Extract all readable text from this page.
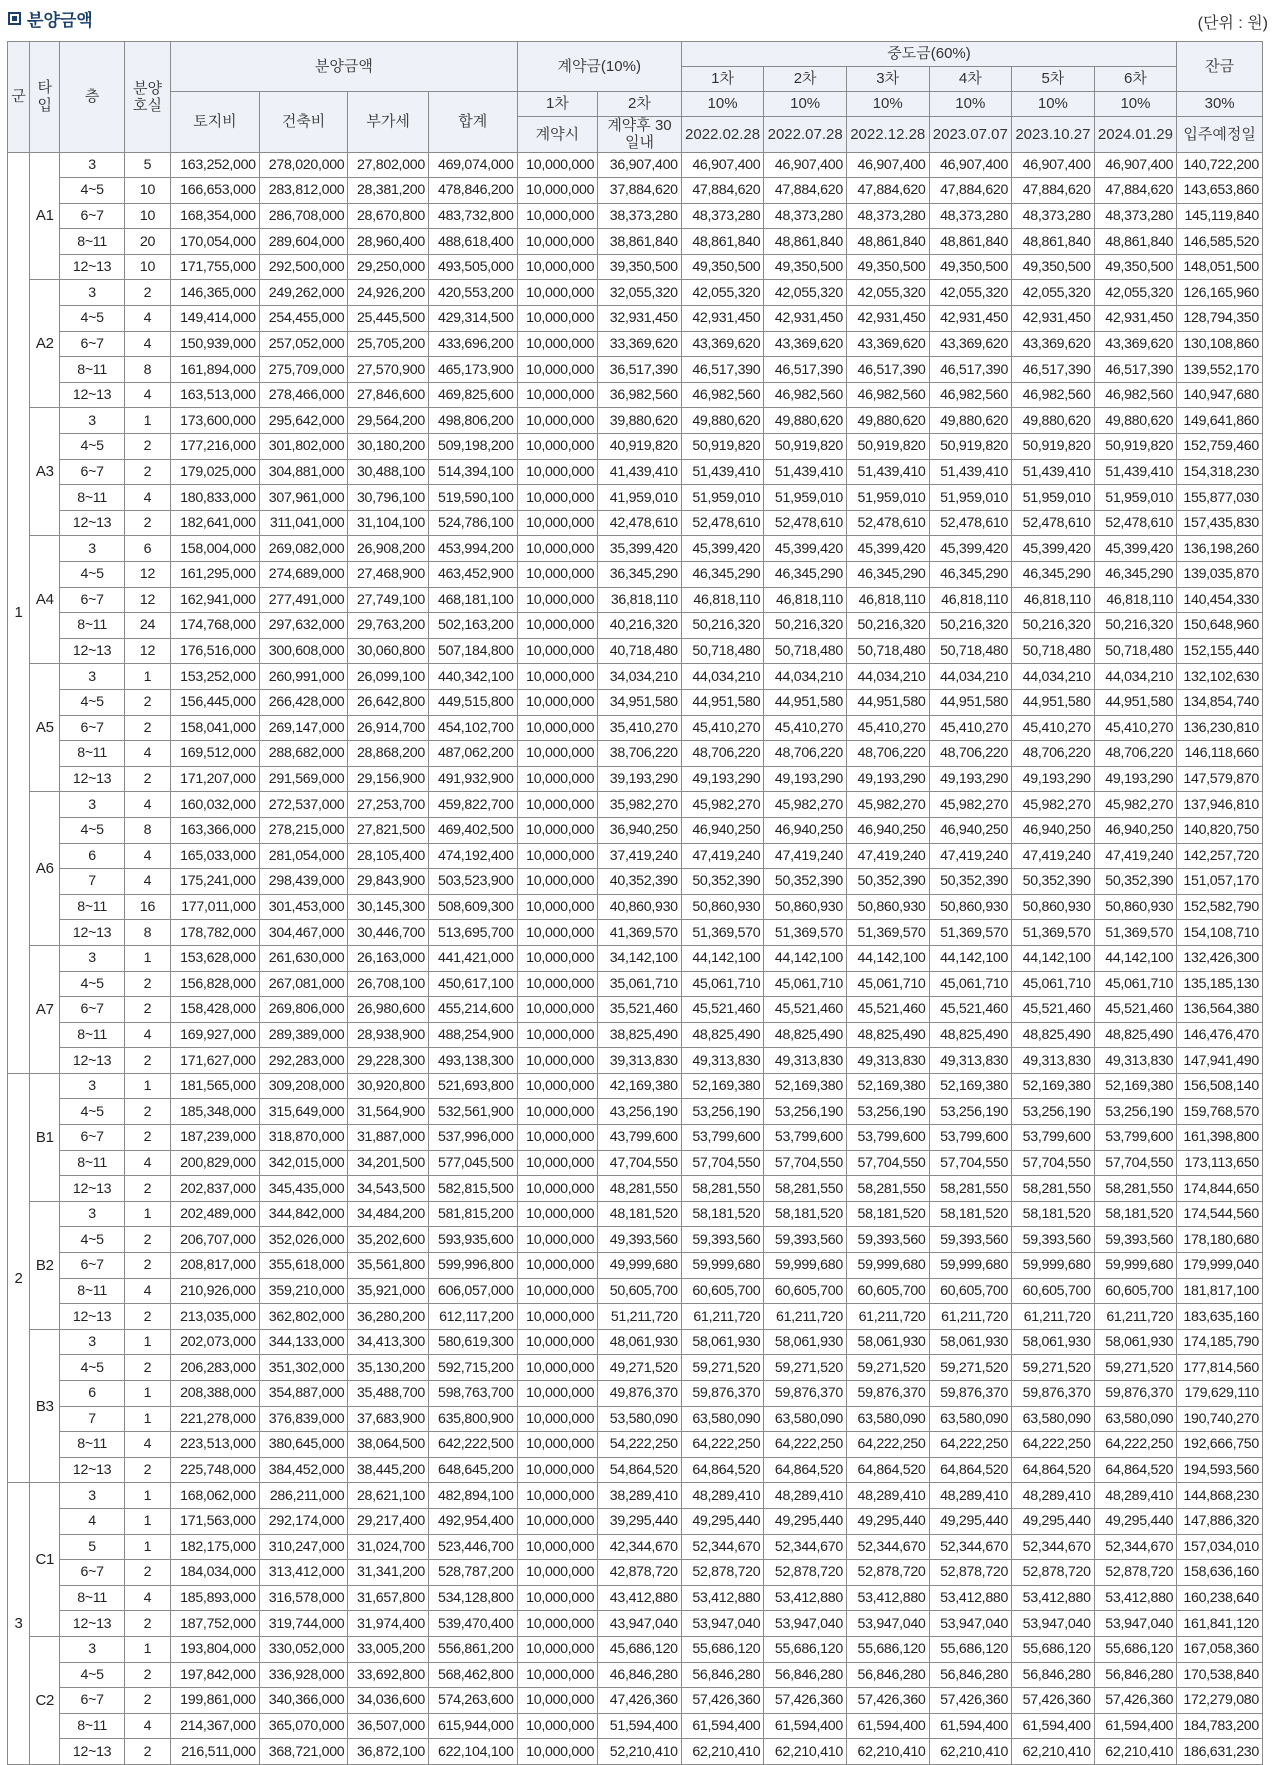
분양금액	(단위 : 원)
군	타입	층	분양호실	분양금액				계약금(10%)		중도금(60%)						잔금
										1차	2차	3차	4차	5차	6차	
				토지비	건축비	부가세	합계	1차	2차	10%	10%	10%	10%	10%	10%	30%
								계약시	계약후 30일내	2022.02.28	2022.07.28	2022.12.28	2023.07.07	2023.10.27	2024.01.29	입주예정일
1	A1	3	5	163,252,000	278,020,000	27,802,000	469,074,000	10,000,000	36,907,400	46,907,400	46,907,400	46,907,400	46,907,400	46,907,400	46,907,400	140,722,200
		4~5	10	166,653,000	283,812,000	28,381,200	478,846,200	10,000,000	37,884,620	47,884,620	47,884,620	47,884,620	47,884,620	47,884,620	47,884,620	143,653,860
		6~7	10	168,354,000	286,708,000	28,670,800	483,732,800	10,000,000	38,373,280	48,373,280	48,373,280	48,373,280	48,373,280	48,373,280	48,373,280	145,119,840
		8~11	20	170,054,000	289,604,000	28,960,400	488,618,400	10,000,000	38,861,840	48,861,840	48,861,840	48,861,840	48,861,840	48,861,840	48,861,840	146,585,520
		12~13	10	171,755,000	292,500,000	29,250,000	493,505,000	10,000,000	39,350,500	49,350,500	49,350,500	49,350,500	49,350,500	49,350,500	49,350,500	148,051,500
	A2	3	2	146,365,000	249,262,000	24,926,200	420,553,200	10,000,000	32,055,320	42,055,320	42,055,320	42,055,320	42,055,320	42,055,320	42,055,320	126,165,960
		4~5	4	149,414,000	254,455,000	25,445,500	429,314,500	10,000,000	32,931,450	42,931,450	42,931,450	42,931,450	42,931,450	42,931,450	42,931,450	128,794,350
		6~7	4	150,939,000	257,052,000	25,705,200	433,696,200	10,000,000	33,369,620	43,369,620	43,369,620	43,369,620	43,369,620	43,369,620	43,369,620	130,108,860
		8~11	8	161,894,000	275,709,000	27,570,900	465,173,900	10,000,000	36,517,390	46,517,390	46,517,390	46,517,390	46,517,390	46,517,390	46,517,390	139,552,170
		12~13	4	163,513,000	278,466,000	27,846,600	469,825,600	10,000,000	36,982,560	46,982,560	46,982,560	46,982,560	46,982,560	46,982,560	46,982,560	140,947,680
	A3	3	1	173,600,000	295,642,000	29,564,200	498,806,200	10,000,000	39,880,620	49,880,620	49,880,620	49,880,620	49,880,620	49,880,620	49,880,620	149,641,860
		4~5	2	177,216,000	301,802,000	30,180,200	509,198,200	10,000,000	40,919,820	50,919,820	50,919,820	50,919,820	50,919,820	50,919,820	50,919,820	152,759,460
		6~7	2	179,025,000	304,881,000	30,488,100	514,394,100	10,000,000	41,439,410	51,439,410	51,439,410	51,439,410	51,439,410	51,439,410	51,439,410	154,318,230
		8~11	4	180,833,000	307,961,000	30,796,100	519,590,100	10,000,000	41,959,010	51,959,010	51,959,010	51,959,010	51,959,010	51,959,010	51,959,010	155,877,030
		12~13	2	182,641,000	311,041,000	31,104,100	524,786,100	10,000,000	42,478,610	52,478,610	52,478,610	52,478,610	52,478,610	52,478,610	52,478,610	157,435,830
	A4	3	6	158,004,000	269,082,000	26,908,200	453,994,200	10,000,000	35,399,420	45,399,420	45,399,420	45,399,420	45,399,420	45,399,420	45,399,420	136,198,260
		4~5	12	161,295,000	274,689,000	27,468,900	463,452,900	10,000,000	36,345,290	46,345,290	46,345,290	46,345,290	46,345,290	46,345,290	46,345,290	139,035,870
		6~7	12	162,941,000	277,491,000	27,749,100	468,181,100	10,000,000	36,818,110	46,818,110	46,818,110	46,818,110	46,818,110	46,818,110	46,818,110	140,454,330
		8~11	24	174,768,000	297,632,000	29,763,200	502,163,200	10,000,000	40,216,320	50,216,320	50,216,320	50,216,320	50,216,320	50,216,320	50,216,320	150,648,960
		12~13	12	176,516,000	300,608,000	30,060,800	507,184,800	10,000,000	40,718,480	50,718,480	50,718,480	50,718,480	50,718,480	50,718,480	50,718,480	152,155,440
	A5	3	1	153,252,000	260,991,000	26,099,100	440,342,100	10,000,000	34,034,210	44,034,210	44,034,210	44,034,210	44,034,210	44,034,210	44,034,210	132,102,630
		4~5	2	156,445,000	266,428,000	26,642,800	449,515,800	10,000,000	34,951,580	44,951,580	44,951,580	44,951,580	44,951,580	44,951,580	44,951,580	134,854,740
		6~7	2	158,041,000	269,147,000	26,914,700	454,102,700	10,000,000	35,410,270	45,410,270	45,410,270	45,410,270	45,410,270	45,410,270	45,410,270	136,230,810
		8~11	4	169,512,000	288,682,000	28,868,200	487,062,200	10,000,000	38,706,220	48,706,220	48,706,220	48,706,220	48,706,220	48,706,220	48,706,220	146,118,660
		12~13	2	171,207,000	291,569,000	29,156,900	491,932,900	10,000,000	39,193,290	49,193,290	49,193,290	49,193,290	49,193,290	49,193,290	49,193,290	147,579,870
	A6	3	4	160,032,000	272,537,000	27,253,700	459,822,700	10,000,000	35,982,270	45,982,270	45,982,270	45,982,270	45,982,270	45,982,270	45,982,270	137,946,810
		4~5	8	163,366,000	278,215,000	27,821,500	469,402,500	10,000,000	36,940,250	46,940,250	46,940,250	46,940,250	46,940,250	46,940,250	46,940,250	140,820,750
		6	4	165,033,000	281,054,000	28,105,400	474,192,400	10,000,000	37,419,240	47,419,240	47,419,240	47,419,240	47,419,240	47,419,240	47,419,240	142,257,720
		7	4	175,241,000	298,439,000	29,843,900	503,523,900	10,000,000	40,352,390	50,352,390	50,352,390	50,352,390	50,352,390	50,352,390	50,352,390	151,057,170
		8~11	16	177,011,000	301,453,000	30,145,300	508,609,300	10,000,000	40,860,930	50,860,930	50,860,930	50,860,930	50,860,930	50,860,930	50,860,930	152,582,790
		12~13	8	178,782,000	304,467,000	30,446,700	513,695,700	10,000,000	41,369,570	51,369,570	51,369,570	51,369,570	51,369,570	51,369,570	51,369,570	154,108,710
	A7	3	1	153,628,000	261,630,000	26,163,000	441,421,000	10,000,000	34,142,100	44,142,100	44,142,100	44,142,100	44,142,100	44,142,100	44,142,100	132,426,300
		4~5	2	156,828,000	267,081,000	26,708,100	450,617,100	10,000,000	35,061,710	45,061,710	45,061,710	45,061,710	45,061,710	45,061,710	45,061,710	135,185,130
		6~7	2	158,428,000	269,806,000	26,980,600	455,214,600	10,000,000	35,521,460	45,521,460	45,521,460	45,521,460	45,521,460	45,521,460	45,521,460	136,564,380
		8~11	4	169,927,000	289,389,000	28,938,900	488,254,900	10,000,000	38,825,490	48,825,490	48,825,490	48,825,490	48,825,490	48,825,490	48,825,490	146,476,470
		12~13	2	171,627,000	292,283,000	29,228,300	493,138,300	10,000,000	39,313,830	49,313,830	49,313,830	49,313,830	49,313,830	49,313,830	49,313,830	147,941,490
2	B1	3	1	181,565,000	309,208,000	30,920,800	521,693,800	10,000,000	42,169,380	52,169,380	52,169,380	52,169,380	52,169,380	52,169,380	52,169,380	156,508,140
		4~5	2	185,348,000	315,649,000	31,564,900	532,561,900	10,000,000	43,256,190	53,256,190	53,256,190	53,256,190	53,256,190	53,256,190	53,256,190	159,768,570
		6~7	2	187,239,000	318,870,000	31,887,000	537,996,000	10,000,000	43,799,600	53,799,600	53,799,600	53,799,600	53,799,600	53,799,600	53,799,600	161,398,800
		8~11	4	200,829,000	342,015,000	34,201,500	577,045,500	10,000,000	47,704,550	57,704,550	57,704,550	57,704,550	57,704,550	57,704,550	57,704,550	173,113,650
		12~13	2	202,837,000	345,435,000	34,543,500	582,815,500	10,000,000	48,281,550	58,281,550	58,281,550	58,281,550	58,281,550	58,281,550	58,281,550	174,844,650
	B2	3	1	202,489,000	344,842,000	34,484,200	581,815,200	10,000,000	48,181,520	58,181,520	58,181,520	58,181,520	58,181,520	58,181,520	58,181,520	174,544,560
		4~5	2	206,707,000	352,026,000	35,202,600	593,935,600	10,000,000	49,393,560	59,393,560	59,393,560	59,393,560	59,393,560	59,393,560	59,393,560	178,180,680
		6~7	2	208,817,000	355,618,000	35,561,800	599,996,800	10,000,000	49,999,680	59,999,680	59,999,680	59,999,680	59,999,680	59,999,680	59,999,680	179,999,040
		8~11	4	210,926,000	359,210,000	35,921,000	606,057,000	10,000,000	50,605,700	60,605,700	60,605,700	60,605,700	60,605,700	60,605,700	60,605,700	181,817,100
		12~13	2	213,035,000	362,802,000	36,280,200	612,117,200	10,000,000	51,211,720	61,211,720	61,211,720	61,211,720	61,211,720	61,211,720	61,211,720	183,635,160
	B3	3	1	202,073,000	344,133,000	34,413,300	580,619,300	10,000,000	48,061,930	58,061,930	58,061,930	58,061,930	58,061,930	58,061,930	58,061,930	174,185,790
		4~5	2	206,283,000	351,302,000	35,130,200	592,715,200	10,000,000	49,271,520	59,271,520	59,271,520	59,271,520	59,271,520	59,271,520	59,271,520	177,814,560
		6	1	208,388,000	354,887,000	35,488,700	598,763,700	10,000,000	49,876,370	59,876,370	59,876,370	59,876,370	59,876,370	59,876,370	59,876,370	179,629,110
		7	1	221,278,000	376,839,000	37,683,900	635,800,900	10,000,000	53,580,090	63,580,090	63,580,090	63,580,090	63,580,090	63,580,090	63,580,090	190,740,270
		8~11	4	223,513,000	380,645,000	38,064,500	642,222,500	10,000,000	54,222,250	64,222,250	64,222,250	64,222,250	64,222,250	64,222,250	64,222,250	192,666,750
		12~13	2	225,748,000	384,452,000	38,445,200	648,645,200	10,000,000	54,864,520	64,864,520	64,864,520	64,864,520	64,864,520	64,864,520	64,864,520	194,593,560
3	C1	3	1	168,062,000	286,211,000	28,621,100	482,894,100	10,000,000	38,289,410	48,289,410	48,289,410	48,289,410	48,289,410	48,289,410	48,289,410	144,868,230
		4	1	171,563,000	292,174,000	29,217,400	492,954,400	10,000,000	39,295,440	49,295,440	49,295,440	49,295,440	49,295,440	49,295,440	49,295,440	147,886,320
		5	1	182,175,000	310,247,000	31,024,700	523,446,700	10,000,000	42,344,670	52,344,670	52,344,670	52,344,670	52,344,670	52,344,670	52,344,670	157,034,010
		6~7	2	184,034,000	313,412,000	31,341,200	528,787,200	10,000,000	42,878,720	52,878,720	52,878,720	52,878,720	52,878,720	52,878,720	52,878,720	158,636,160
		8~11	4	185,893,000	316,578,000	31,657,800	534,128,800	10,000,000	43,412,880	53,412,880	53,412,880	53,412,880	53,412,880	53,412,880	53,412,880	160,238,640
		12~13	2	187,752,000	319,744,000	31,974,400	539,470,400	10,000,000	43,947,040	53,947,040	53,947,040	53,947,040	53,947,040	53,947,040	53,947,040	161,841,120
	C2	3	1	193,804,000	330,052,000	33,005,200	556,861,200	10,000,000	45,686,120	55,686,120	55,686,120	55,686,120	55,686,120	55,686,120	55,686,120	167,058,360
		4~5	2	197,842,000	336,928,000	33,692,800	568,462,800	10,000,000	46,846,280	56,846,280	56,846,280	56,846,280	56,846,280	56,846,280	56,846,280	170,538,840
		6~7	2	199,861,000	340,366,000	34,036,600	574,263,600	10,000,000	47,426,360	57,426,360	57,426,360	57,426,360	57,426,360	57,426,360	57,426,360	172,279,080
		8~11	4	214,367,000	365,070,000	36,507,000	615,944,000	10,000,000	51,594,400	61,594,400	61,594,400	61,594,400	61,594,400	61,594,400	61,594,400	184,783,200
		12~13	2	216,511,000	368,721,000	36,872,100	622,104,100	10,000,000	52,210,410	62,210,410	62,210,410	62,210,410	62,210,410	62,210,410	62,210,410	186,631,230
